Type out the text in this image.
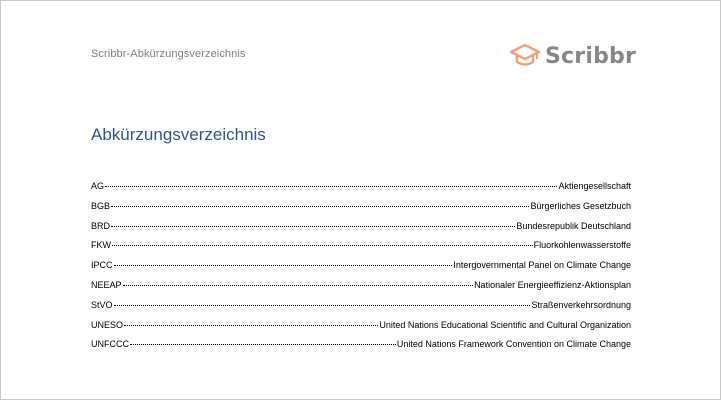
Scribbr-Abkürzungsverzeichnis	Scribbr
Abkürzungsverzeichnis
AG	Aktiengesellschaft
BGB	Bürgerliches Gesetzbuch
BRD	Bundesrepublik Deutschland
FKW	Fluorkohlenwasserstoffe
IPCC	Intergovernmental Panel on Climate Change
NEEAP	Nationaler Energieeffizienz-Aktionsplan
StVO	Straßenverkehrsordnung
UNESO	United Nations Educational Scientific and Cultural Organization
UNFCCC	United Nations Framework Convention on Climate Change
